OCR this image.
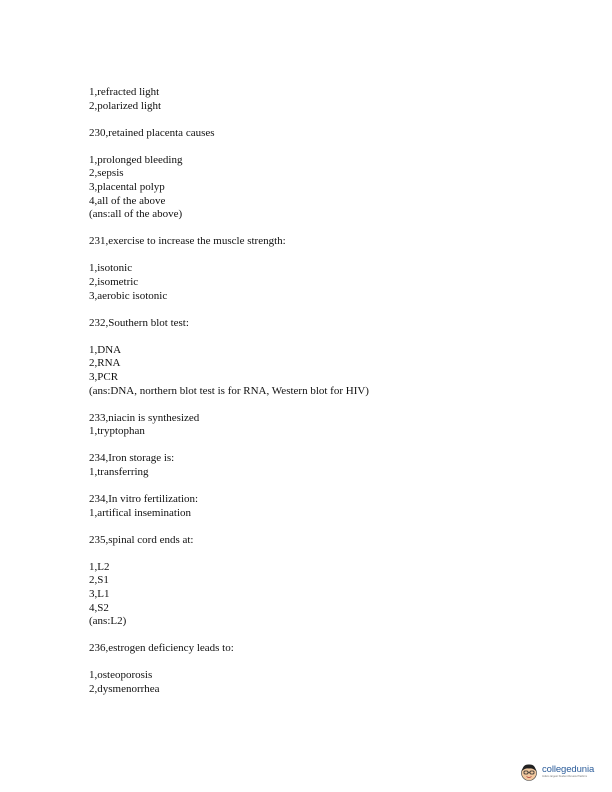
1,refracted light

2,polarized light

230,retained placenta causes

1,prolonged bleeding

2,sepsis

3,placental polyp

4,all of the above

(ans:all of the above)

231,exercise to increase the muscle strength:

1,isotonic

2,isometric

3,aerobic isotonic

232,Southern blot test:

1,DNA

2,RNA

3,PCR

(ans:DNA, northern blot test is for RNA, Western blot for HIV)

233,niacin is synthesized

1,tryptophan

234,Iron storage is:

1,transferring

234,In vitro fertilization:

1,artifical insemination

235,spinal cord ends at:

1,L2

2,S1

3,L1

4,S2

(ans:L2)

236,estrogen deficiency leads to:

1,osteoporosis

2,dysmenorrhea

collegedunia
India's largest Student Review Platform
